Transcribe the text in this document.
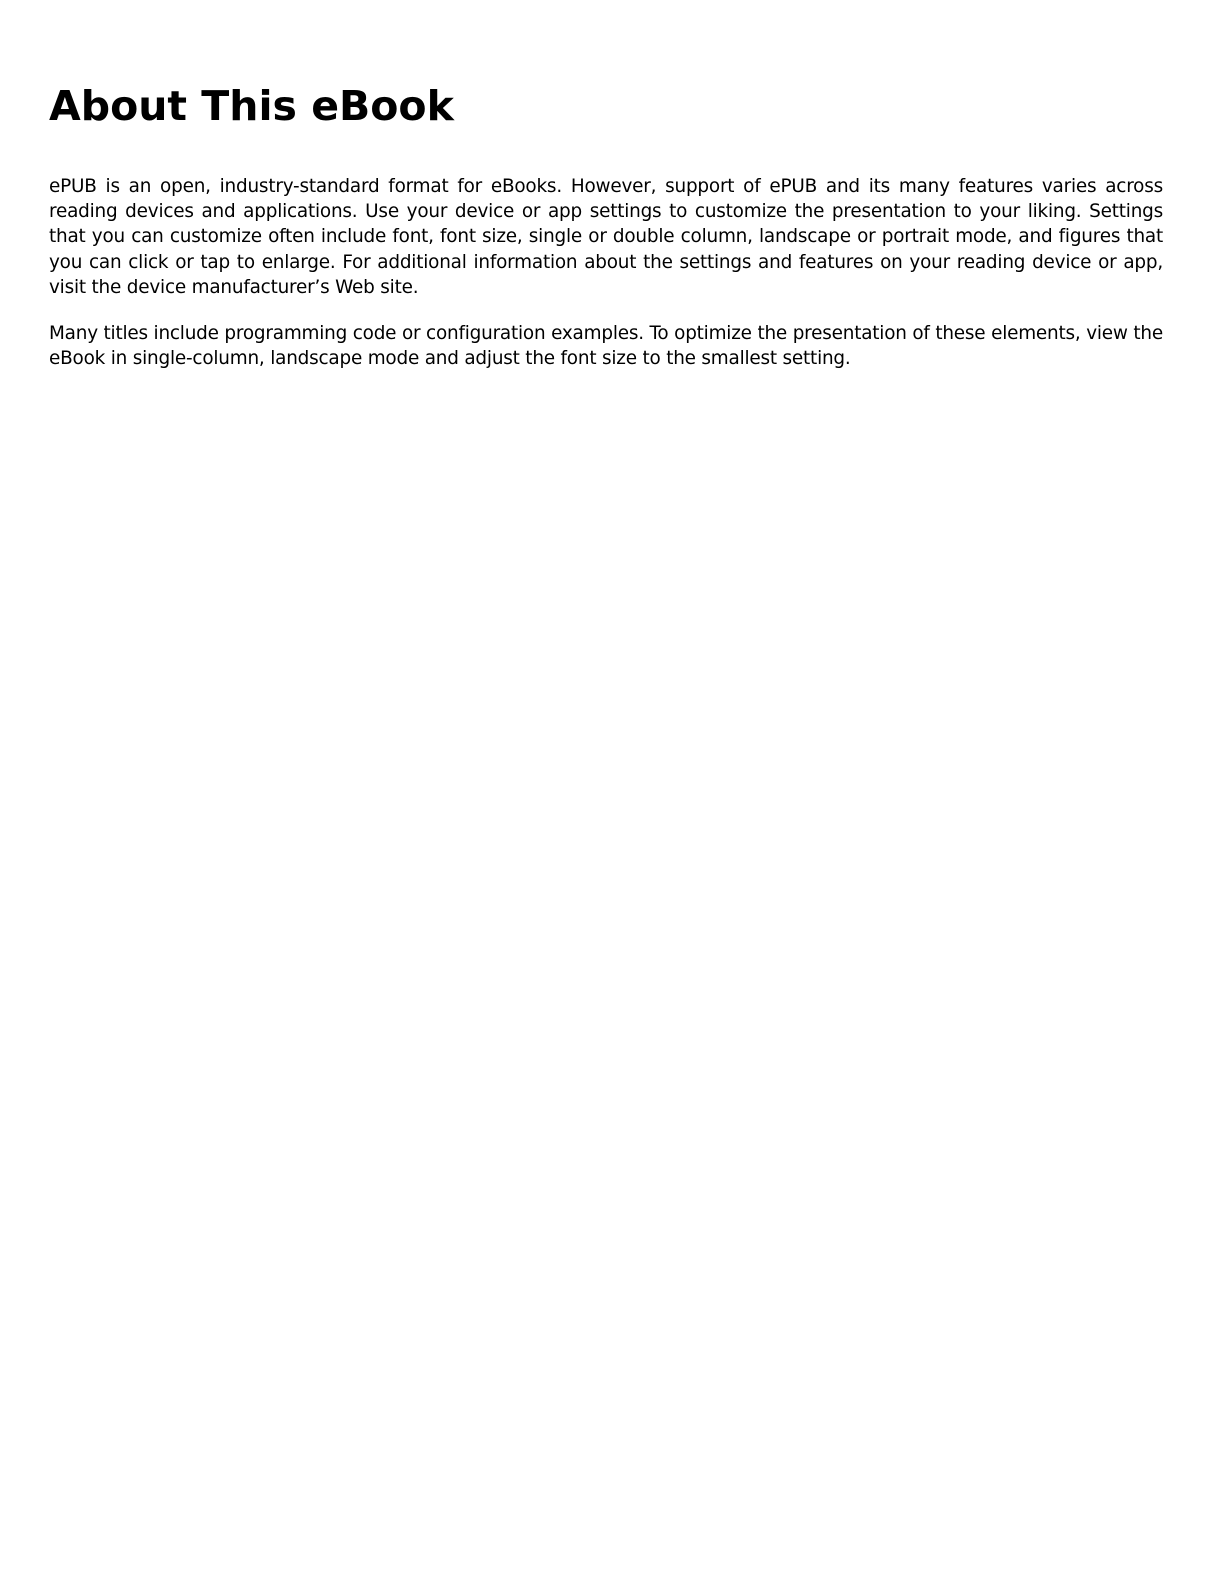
About This eBook

ePUB is an open, industry-standard format for eBooks. However, support of ePUB and its many features varies across reading devices and applications. Use your device or app settings to customize the presentation to your liking. Settings that you can customize often include font, font size, single or double column, landscape or portrait mode, and figures that you can click or tap to enlarge. For additional information about the settings and features on your reading device or app, visit the device manufacturer’s Web site.

Many titles include programming code or configuration examples. To optimize the presentation of these elements, view the eBook in single-column, landscape mode and adjust the font size to the smallest setting.
